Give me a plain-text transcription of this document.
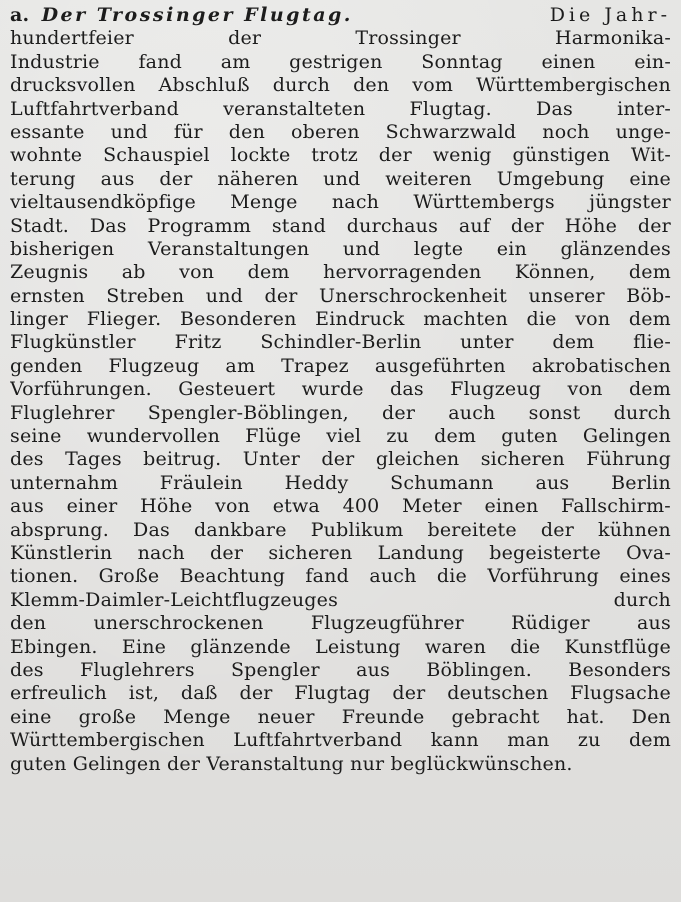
a. Der Trossinger Flugtag.	Die Jahr-
hundertfeier	der	Trossinger	Harmonika-
Industrie fand am gestrigen Sonntag einen ein-
drucksvollen Abschluß durch den vom Württembergischen
Luftfahrtverband veranstalteten Flugtag. Das inter-
essante und für den oberen Schwarzwald noch unge-
wohnte Schauspiel lockte trotz der wenig günstigen Wit-
terung aus der näheren und weiteren Umgebung eine
vieltausendköpfige Menge nach Württembergs jüngster
Stadt. Das Programm stand durchaus auf der Höhe der
bisherigen Veranstaltungen und legte ein glänzendes
Zeugnis ab von dem hervorragenden Können, dem
ernsten Streben und der Unerschrockenheit unserer Böb-
linger Flieger. Besonderen Eindruck machten die von dem
Flugkünstler Fritz Schindler-Berlin unter dem flie-
genden Flugzeug am Trapez ausgeführten akrobatischen
Vorführungen. Gesteuert wurde das Flugzeug von dem
Fluglehrer Spengler-Böblingen, der auch sonst durch
seine wundervollen Flüge viel zu dem guten Gelingen
des Tages beitrug. Unter der gleichen sicheren Führung
unternahm Fräulein Heddy Schumann aus Berlin
aus einer Höhe von etwa 400 Meter einen Fallschirm-
absprung. Das dankbare Publikum bereitete der kühnen
Künstlerin nach der sicheren Landung begeisterte Ova-
tionen. Große Beachtung fand auch die Vorführung eines
Klemm-Daimler-Leichtflugzeuges	durch
den unerschrockenen Flugzeugführer Rüdiger aus
Ebingen. Eine glänzende Leistung waren die Kunstflüge
des Fluglehrers Spengler aus Böblingen. Besonders
erfreulich ist, daß der Flugtag der deutschen Flugsache
eine große Menge neuer Freunde gebracht hat. Den
Württembergischen Luftfahrtverband kann man zu dem
guten Gelingen der Veranstaltung nur beglückwünschen.
